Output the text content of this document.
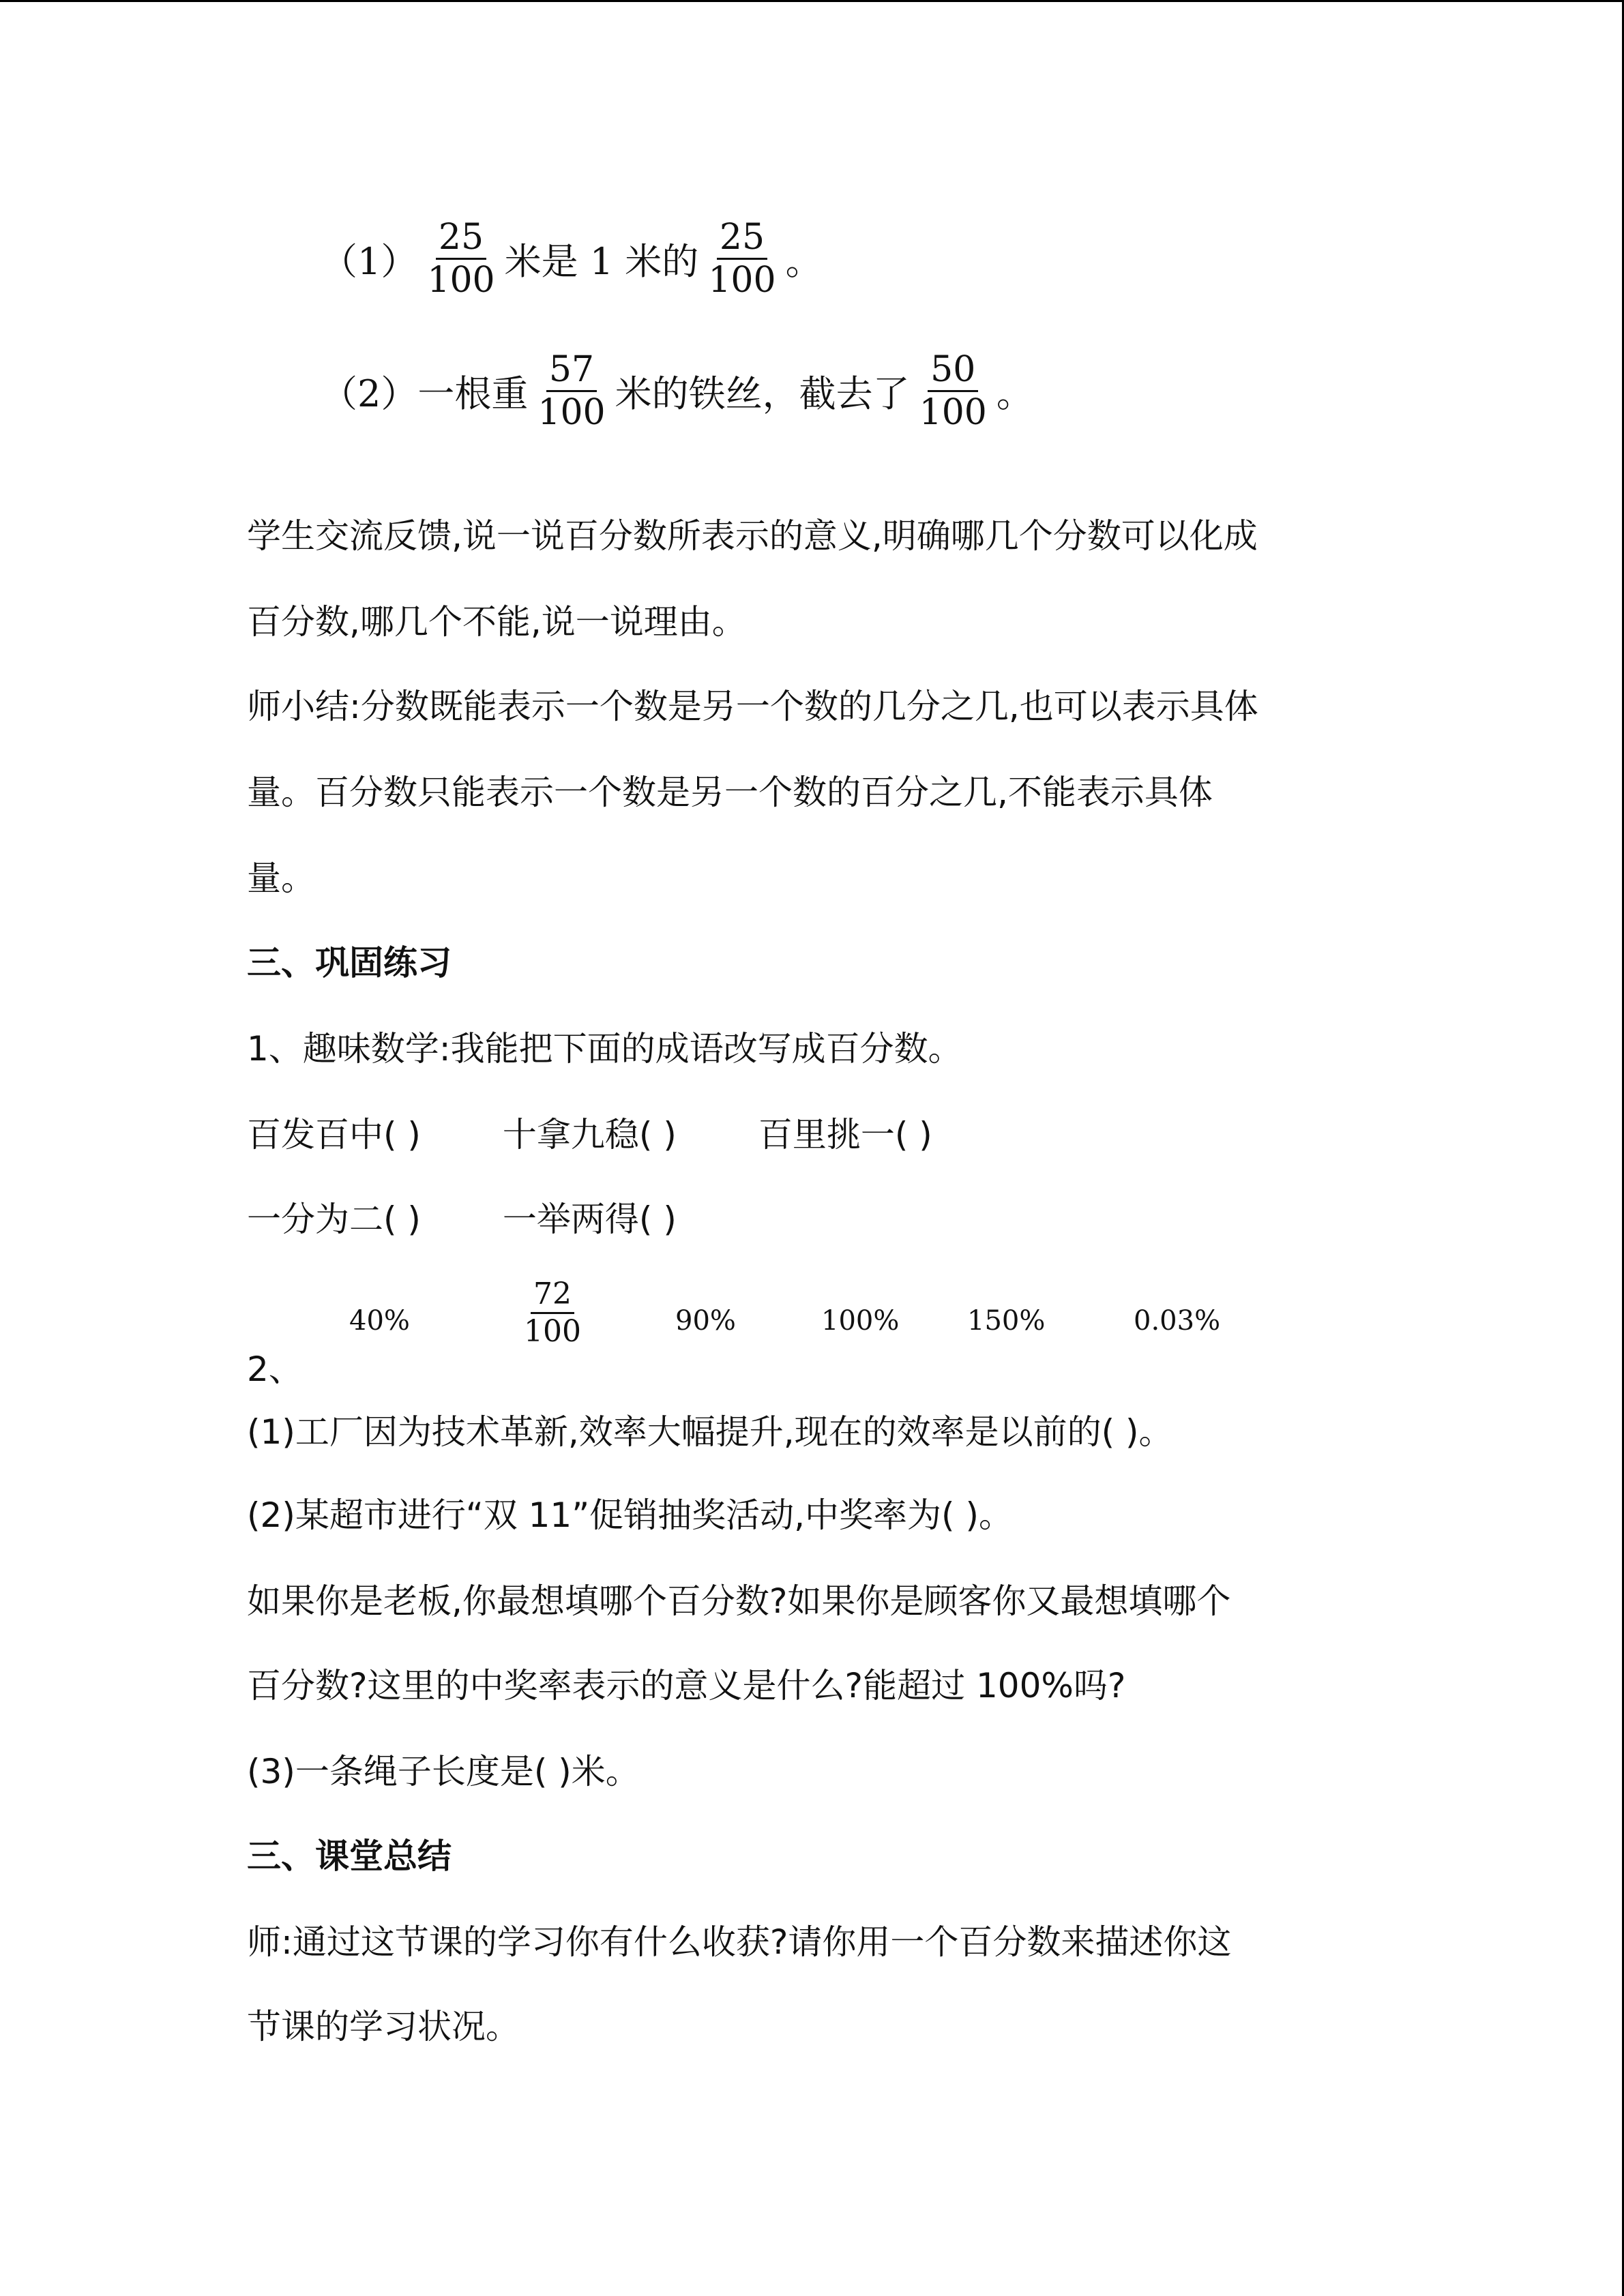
$(1) \frac{25}{100}$ 米是 1 米的 $\frac{25}{100}$ 。
（2）一根重 $\frac{57}{100}$ 米的铁丝，截去了 $\frac{50}{100}$ 。
学生交流反馈,说一说百分数所表示的意义,明确哪几个分数可以化成
百分数,哪几个不能,说一说理由。
师小结:分数既能表示一个数是另一个数的几分之几,也可以表示具体
量。百分数只能表示一个数是另一个数的百分之几,不能表示具体
量。
三、巩固练习
1、趣味数学:我能把下面的成语改写成百分数。
百发百中( ) 十拿九稳( ) 百里挑一( )
一分为二( ) 一举两得( )
40%	$\frac{72}{100}$	90%	100% 150%	0.03%
2、
(1)工厂因为技术革新,效率大幅提升,现在的效率是以前的( )。
(2)某超市进行“双 11”促销抽奖活动,中奖率为( )。
如果你是老板,你最想填哪个百分数?如果你是顾客你又最想填哪个
百分数?这里的中奖率表示的意义是什么?能超过 100%吗?
(3)一条绳子长度是( )米。
三、课堂总结
师:通过这节课的学习你有什么收获?请你用一个百分数来描述你这
节课的学习状况。
